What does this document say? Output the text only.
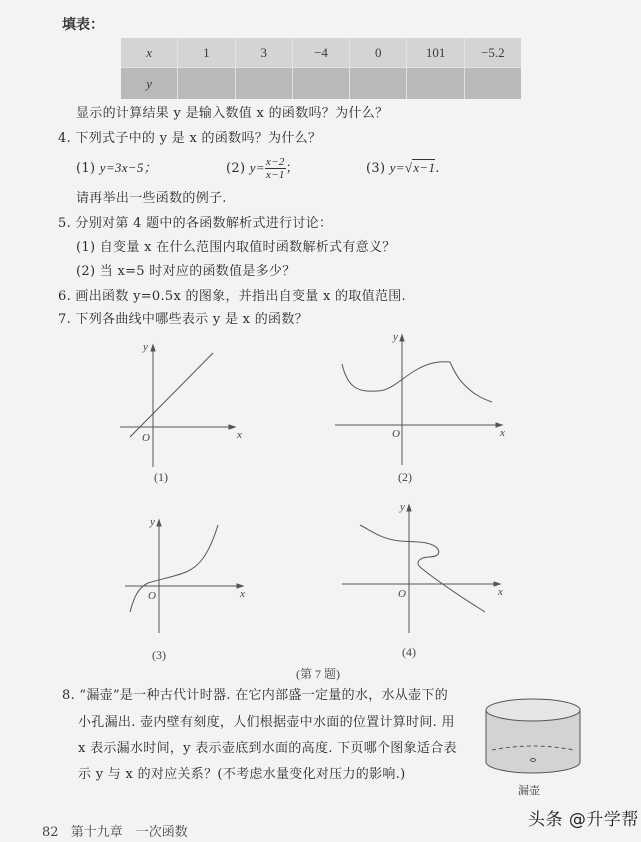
填表：
x	1	3	−4	0	101	−5.2
y
显示的计算结果 y 是输入数值 x 的函数吗？为什么？
4. 下列式子中的 y 是 x 的函数吗？为什么？
(1) y=3x−5；	(2) $y= \frac{x-2}{x-1}$ ；	(3) y=√x−1.
请再举出一些函数的例子.
5. 分别对第 4 题中的各函数解析式进行讨论：
(1) 自变量 x 在什么范围内取值时函数解析式有意义？
(2) 当 x=5 时对应的函数值是多少？
6. 画出函数 y=0.5x 的图象，并指出自变量 x 的取值范围.
7. 下列各曲线中哪些表示 y 是 x 的函数？
y
x
O
(1)
y
x
O
(2)
y
x
O
(3)
y
x
O
(4)
(第 7 题)
8. “漏壶”是一种古代计时器. 在它内部盛一定量的水，水从壶下的
小孔漏出. 壶内壁有刻度，人们根据壶中水面的位置计算时间. 用
x 表示漏水时间，y 表示壶底到水面的高度. 下页哪个图象适合表
示 y 与 x 的对应关系？(不考虑水量变化对压力的影响.)
漏壶
82 第十九章　一次函数
头条 @升学帮
